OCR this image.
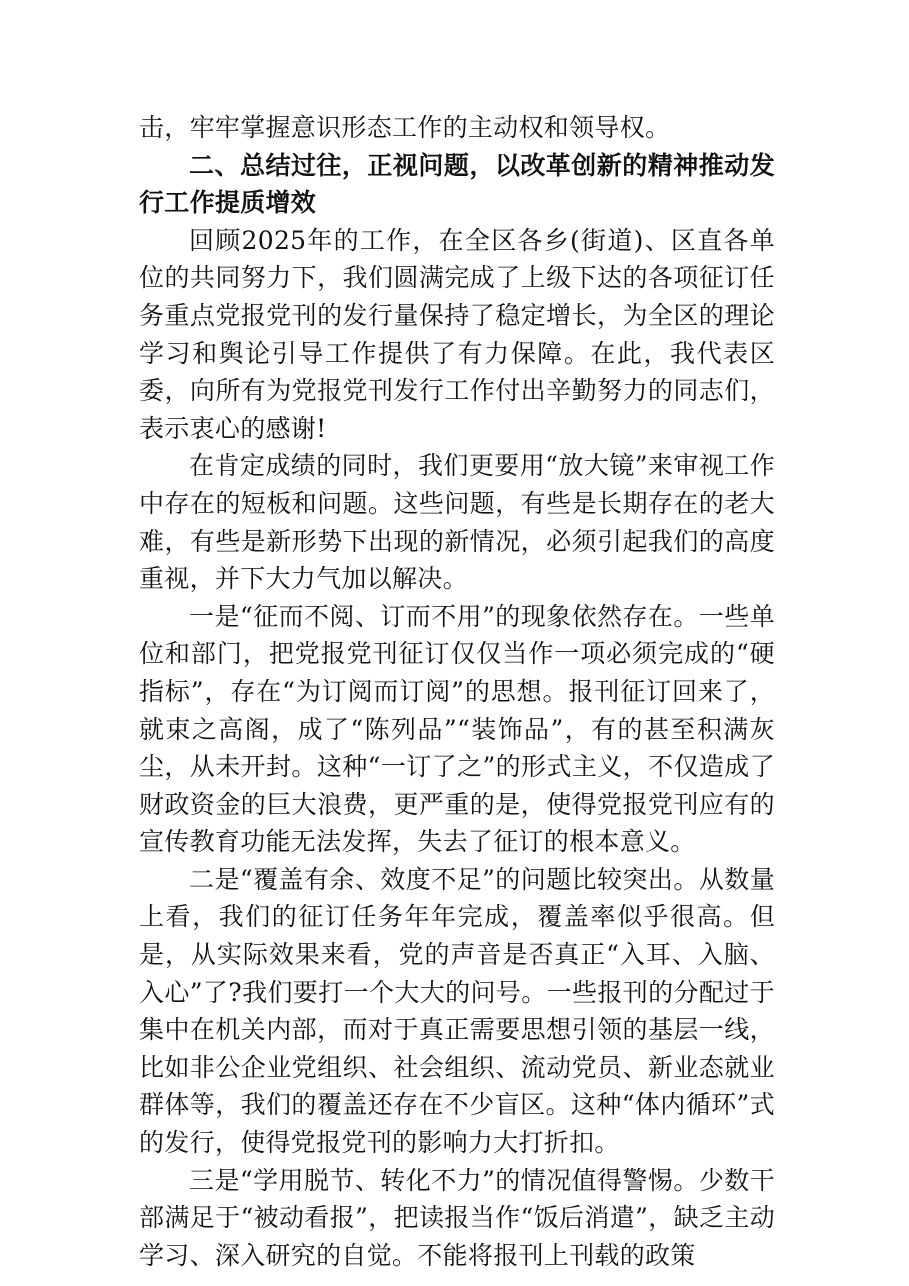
击，牢牢掌握意识形态工作的主动权和领导权。

二、总结过往，正视问题，以改革创新的精神推动发行工作提质增效

回顾2025年的工作，在全区各乡(街道)、区直各单位的共同努力下，我们圆满完成了上级下达的各项征订任务重点党报党刊的发行量保持了稳定增长，为全区的理论学习和舆论引导工作提供了有力保障。在此，我代表区委，向所有为党报党刊发行工作付出辛勤努力的同志们，表示衷心的感谢!

在肯定成绩的同时，我们更要用“放大镜”来审视工作中存在的短板和问题。这些问题，有些是长期存在的老大难，有些是新形势下出现的新情况，必须引起我们的高度重视，并下大力气加以解决。

一是“征而不阅、订而不用”的现象依然存在。一些单位和部门，把党报党刊征订仅仅当作一项必须完成的“硬指标”，存在“为订阅而订阅”的思想。报刊征订回来了，就束之高阁，成了“陈列品”“装饰品”，有的甚至积满灰尘，从未开封。这种“一订了之”的形式主义，不仅造成了财政资金的巨大浪费，更严重的是，使得党报党刊应有的宣传教育功能无法发挥，失去了征订的根本意义。

二是“覆盖有余、效度不足”的问题比较突出。从数量上看，我们的征订任务年年完成，覆盖率似乎很高。但是，从实际效果来看，党的声音是否真正“入耳、入脑、入心”了?我们要打一个大大的问号。一些报刊的分配过于集中在机关内部，而对于真正需要思想引领的基层一线，比如非公企业党组织、社会组织、流动党员、新业态就业群体等，我们的覆盖还存在不少盲区。这种“体内循环”式的发行，使得党报党刊的影响力大打折扣。

三是“学用脱节、转化不力”的情况值得警惕。少数干部满足于“被动看报”，把读报当作“饭后消遣”，缺乏主动学习、深入研究的自觉。不能将报刊上刊载的政策
